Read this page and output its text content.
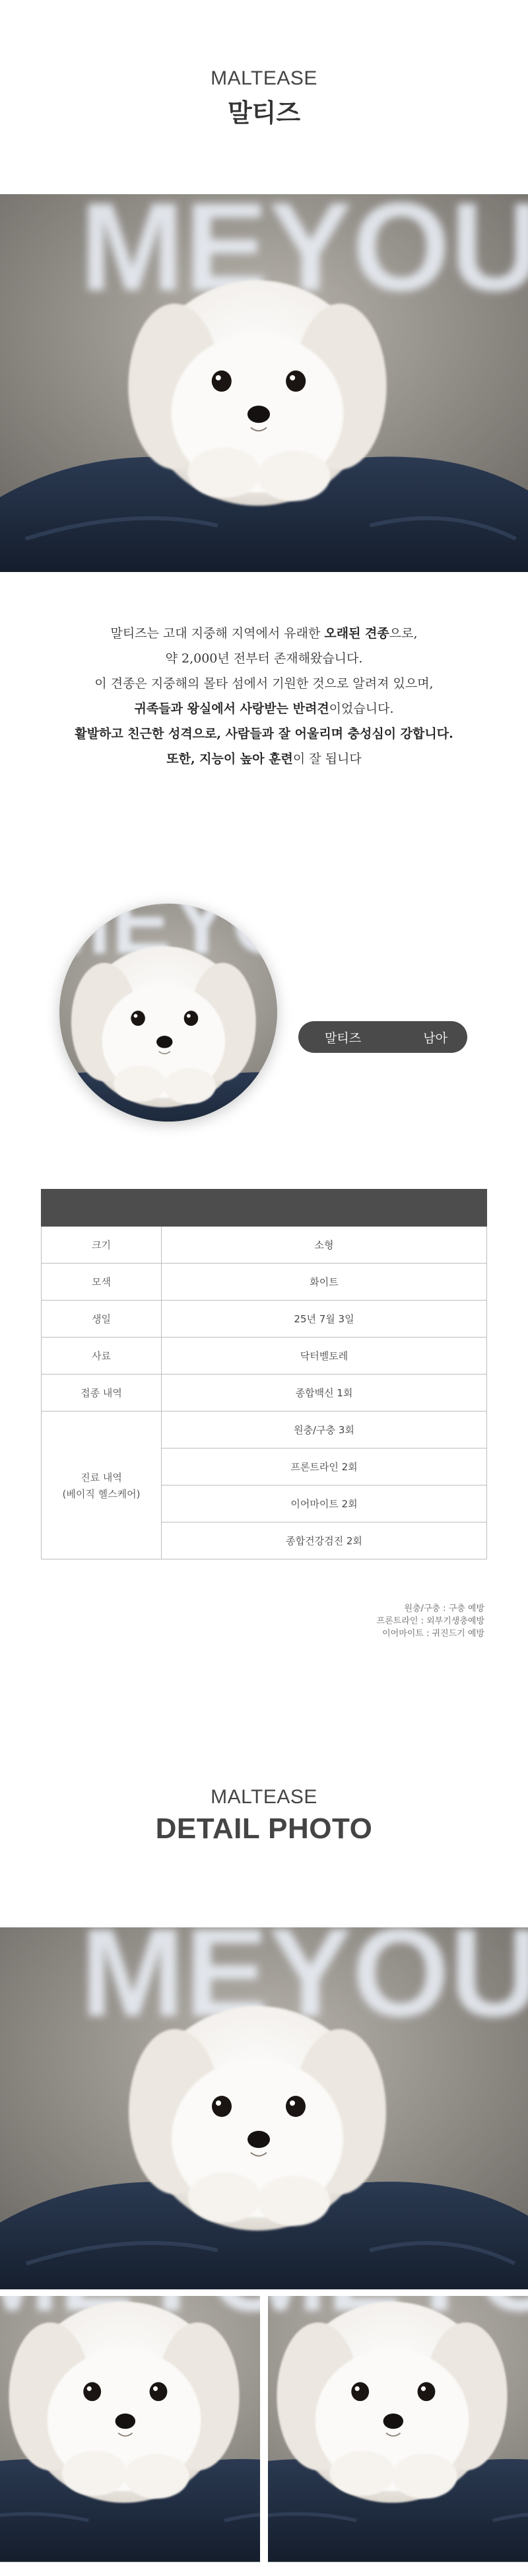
MALTEASE
말티즈

말티즈는 고대 지중해 지역에서 유래한 오래된 견종으로,

약 2,000년 전부터 존재해왔습니다.

이 견종은 지중해의 몰타 섬에서 기원한 것으로 알려져 있으며,

귀족들과 왕실에서 사랑받는 반려견이었습니다.

활발하고 친근한 성격으로, 사람들과 잘 어울리며 충성심이 강합니다.

또한, 지능이 높아 훈련이 잘 됩니다

말티즈	남아

크기	소형
모색	화이트
생일	25년 7월 3일
사료	닥터벨토레
접종 내역	종합백신 1회
진료 내역
(베이직 헬스케어)	원충/구충 3회
	프론트라인 2회
	이어마이트 2회
	종합건강검진 2회
원충/구충 : 구충 예방
프론트라인 : 외부기생충예방
이어마이트 : 귀진드기 예방
MALTEASE
DETAIL PHOTO
